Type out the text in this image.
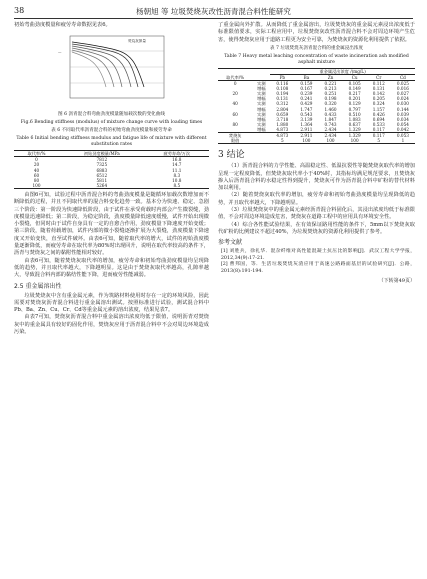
38	杨朝旭 等 垃圾焚烧灰改性沥青混合料性能研究

初始弯曲劲度模量和疲劳寿命数据见表6。

—
焚烧灰掺量
图 6 沥青混合料弯曲劲度模量随加载次数的变化曲线
Fig.6 Bending stiffness (modulus) of mixture change curve with loading times
表 6 不同取代率沥青混合料的初始弯曲劲度模量和疲劳寿命
Table 6 Initial bending stiffness modulus and fatigue life of mixture with different substitution rates
取代率/%	初始劲度模量/MPa	疲劳寿命/万次
0	7812	16.8
20	7325	14.7
40	6883	11.1
60	6512	8.3
80	5811	10.8
100	5264	8.5

由图6可知，试验过程中沥青混合料的弯曲劲度模量是随循环加载次数增加而不断降低的过程，并且不同取代率的混合料变化趋势一致。基本分为快速、稳定、急剧三个阶段：第一阶段为快速降低阶段，由于试件在承受荷载时内部会产生微裂缝，劲度模量迅速降低；第二阶段，为稳定阶段，劲度模量降低速度缓慢，试件开始出现微小裂缝，但同时由于试件自身具有一定的自愈合作用，劲度模量下降速度开始变缓；第三阶段，随着荷载增加，试件内部的微小裂缝逐渐扩展为大裂缝，劲度模量下降速度又开始变快，直至试件破坏。由表6可知，随着取代率的增大，试件的初始劲度模量逐渐降低，而疲劳寿命在取代率为80%时出现回升，说明在取代率较高的条件下，沥青与焚烧灰之间的黏附性能相对较好。

由表6可知，随着焚烧灰取代率的增加，疲劳寿命和初始弯曲劲度模量均呈现降低的趋势，并且取代率越大，下降越明显。这是由于焚烧灰取代率越高，孔隙率越大，导致混合料内部的黏结性能下降，进而疲劳性能减弱。

2.5 重金属溶出性

垃圾焚烧灰中含有重金属元素，作为筑路材料使用时存在一定的环境风险，因此需要对焚烧灰沥青混合料进行重金属溶出测试。按照标准进行试验，测试混合料中Pb、Ba、Zn、Cu、Cr、Cd等重金属元素的溶出浓度，结果见表7。

由表7可知，焚烧灰沥青混合料中重金属溶出浓度均低于限值，说明沥青对焚烧灰中的重金属具有较好的固化作用，焚烧灰应用于沥青混合料中不会对周边环境造成污染。

了重金属向外扩散。从而降低了重金属溶出，垃圾焚烧灰的重金属元素浸出浓度低于标准限值要求，实际工程应用中，垃圾焚烧灰改性沥青混合料不会对周边环境产生危害，使得焚烧灰应用于道路工程更为安全可靠，为焚烧灰的资源化利用提供了依据。

表 7 垃圾焚烧灰沥青混合料的重金属浸出浓度
Table 7 Heavy metal leaching concentration of waste incineration ash modified asphalt mixture
		重金属浸出浓度 /(mg/L)					
取代率/%		Pb	Ba	Zn	Cu	Cr	Cd
0	实测	0.116	0.159	0.221	0.105	0.112	0.025
	增幅	0.108	0.167	0.213	0.149	0.131	0.016
20	实测	0.194	0.239	0.251	0.217	0.142	0.027
	增幅	0.131	0.241	0.198	0.201	0.205	0.024
40	实测	0.312	0.429	0.320	0.129	0.324	0.030
	增幅	2.804	1.747	1.460	0.797	1.157	0.144
60	实测	0.659	0.543	0.433	0.510	0.426	0.039
	增幅	3.718	3.139	1.847	1.083	0.694	0.034
80	实测	1.880	1.364	0.743	0.637	0.533	0.054
	增幅	4.873	2.911	2.434	1.329	0.117	0.042
焚烧灰		4.873	2.911	2.434	1.329	0.117	0.053
限值		5	100	100	100	5	1
3 结论

（1）沥青混合料的力学性能、高温稳定性、低温抗裂性等随焚烧灰取代率的增加呈现一定程度降低，但焚烧灰取代率小于40%时，其指标均满足规范要求，且焚烧灰掺入后沥青混合料的水稳定性得到提升，焚烧灰可作为沥青混合料中矿粉的替代材料加以利用。

（2）随着焚烧灰取代率的增加，疲劳寿命和初始弯曲劲度模量均呈现降低的趋势，并且取代率越大，下降越明显。

（3）垃圾焚烧灰中的重金属元素经沥青混合料固化后，其浸出浓度均低于标准限值，不会对周边环境造成危害，焚烧灰在道路工程中的应用具有环境安全性。

（4）综合各性能试验结果，在有效保证路用性能的条件下，5mm以下焚烧灰取代矿粉的比例建议不超过40%，为垃圾焚烧灰的资源化利用提供了参考。

参考文献

[1] 刘胜兵，徐礼华．混杂纤维对高性能混凝土抗压比的影响[J]．武汉工程大学学报，2012,34(9):17-21.

[2] 曹邦国，等．生活垃圾焚烧灰渣应用于高速公路路面基层的试验研究[J]．公路，2013(8):191-194.

（下转第49页）
